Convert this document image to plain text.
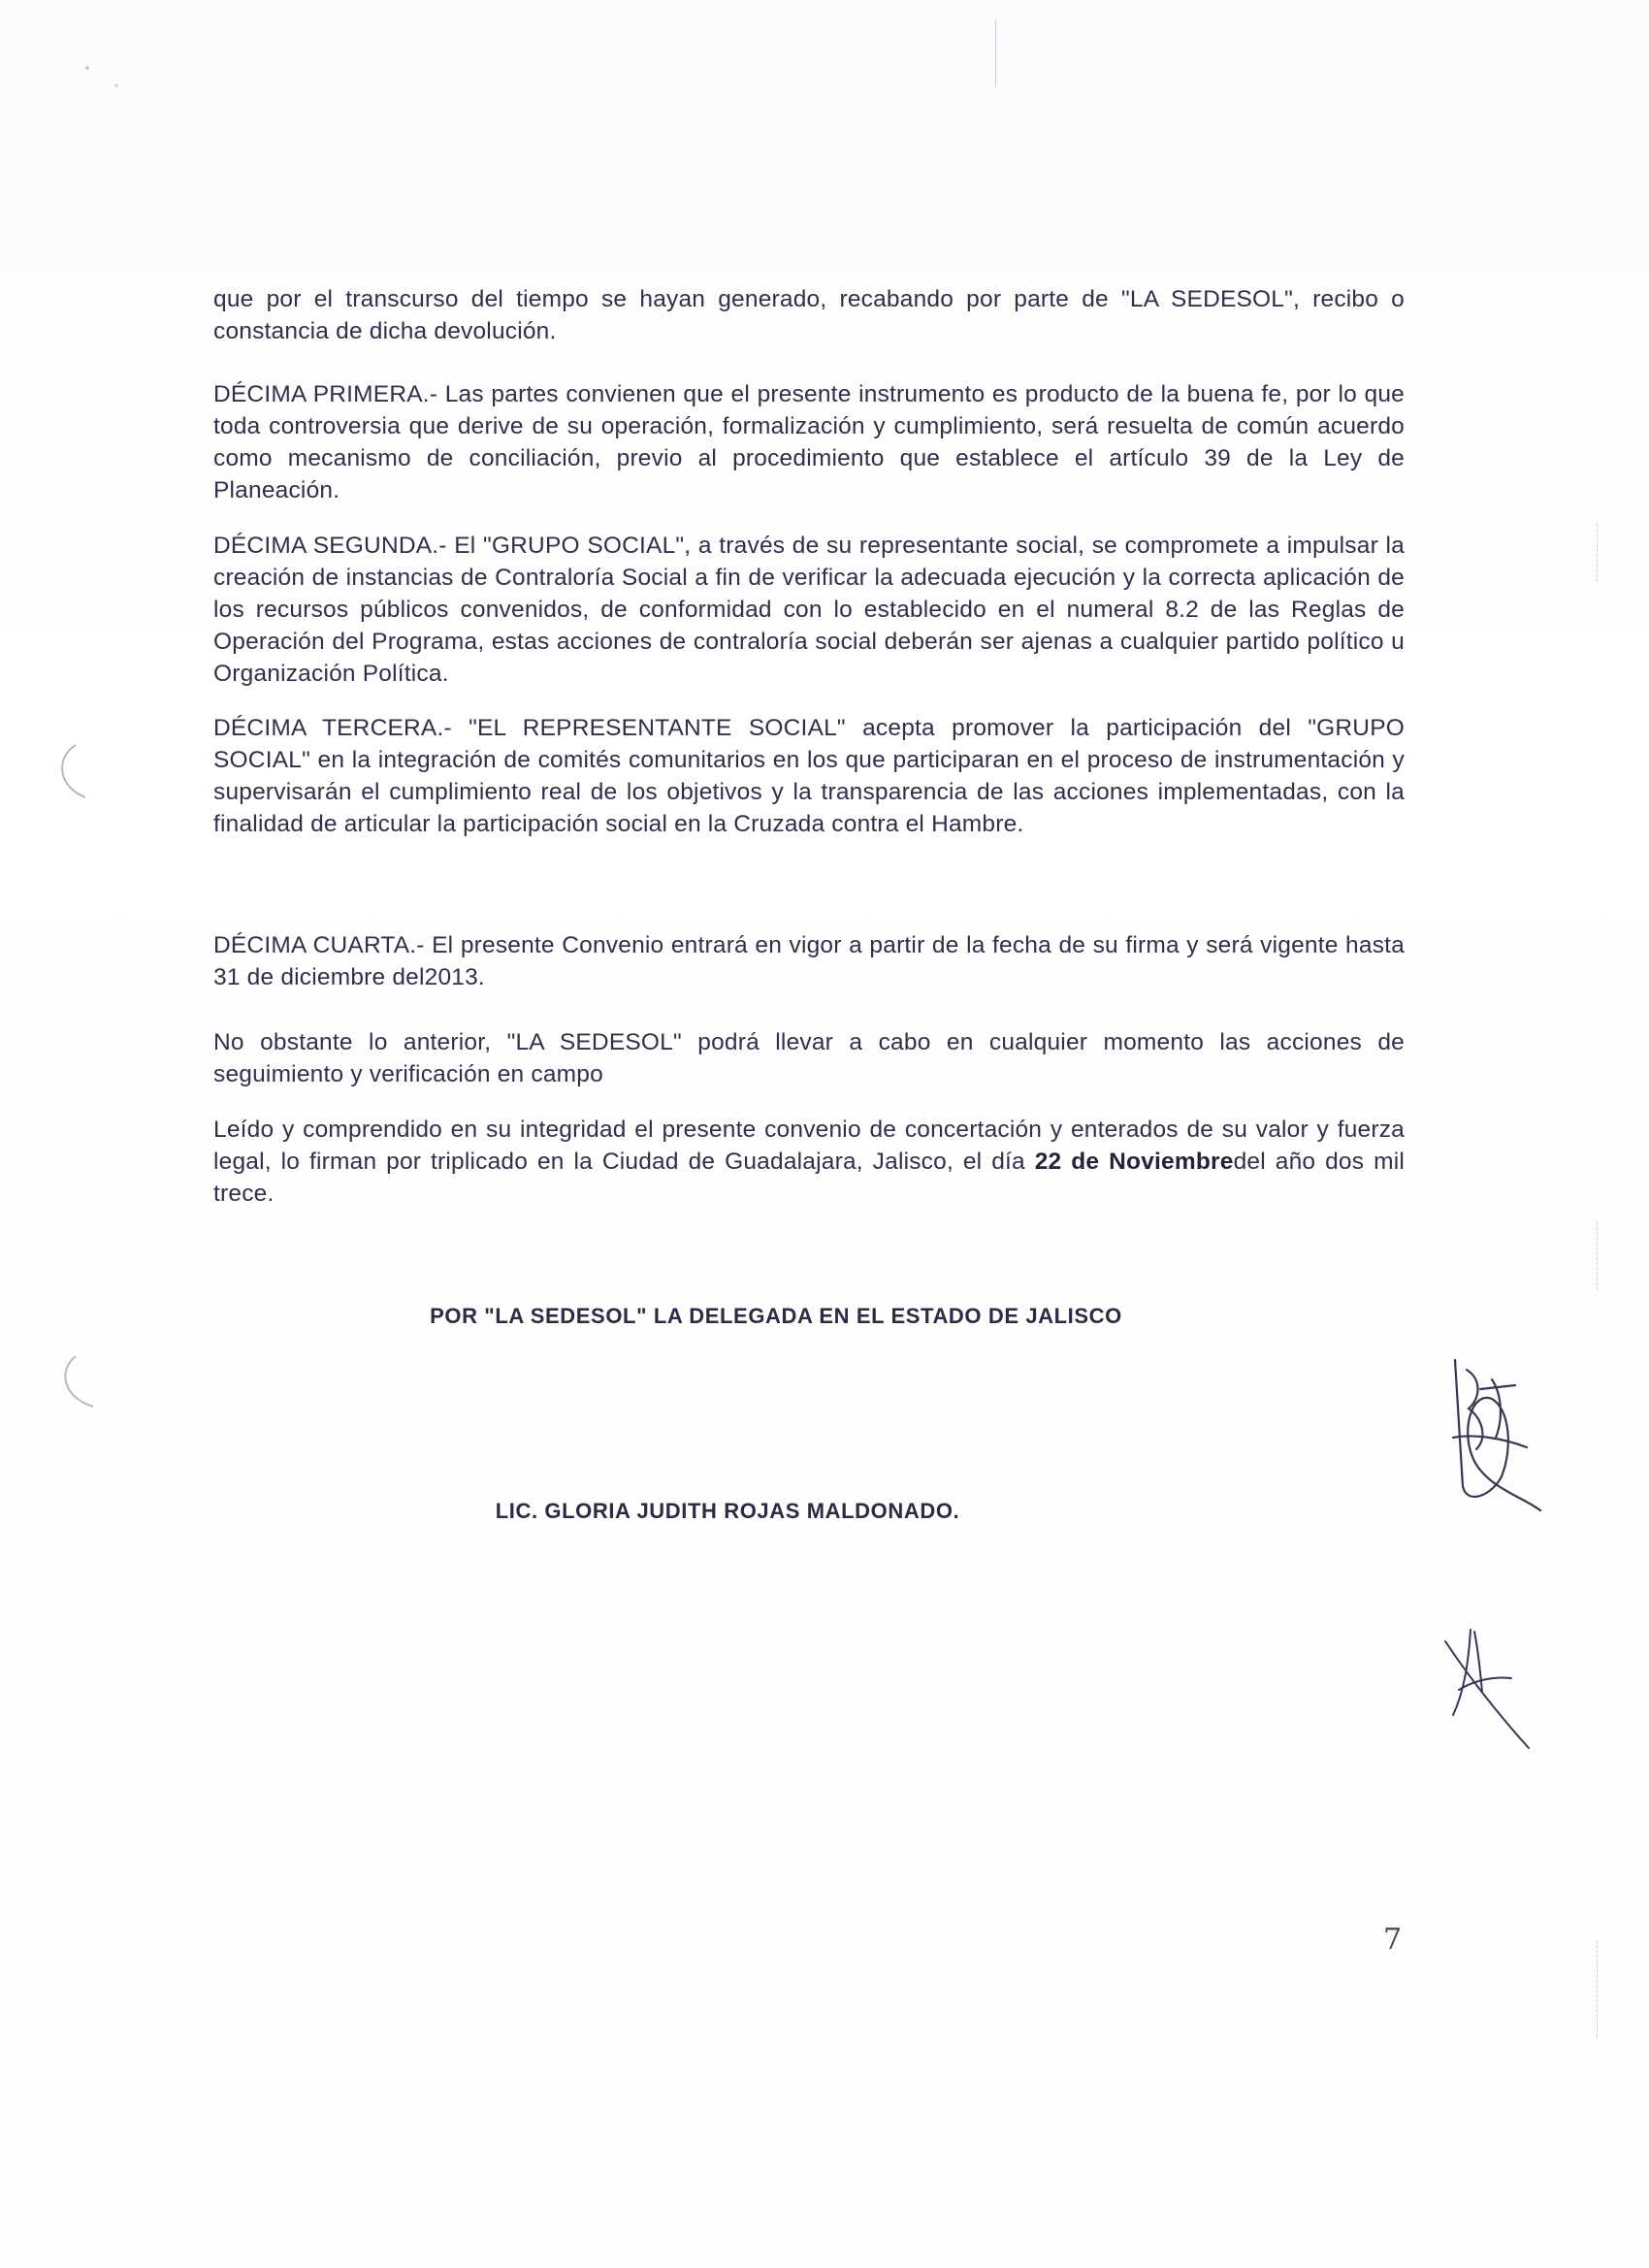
que por el transcurso del tiempo se hayan generado, recabando por parte de "LA SEDESOL", recibo o constancia de dicha devolución.

DÉCIMA PRIMERA.- Las partes convienen que el presente instrumento es producto de la buena fe, por lo que toda controversia que derive de su operación, formalización y cumplimiento, será resuelta de común acuerdo como mecanismo de conciliación, previo al procedimiento que establece el artículo 39 de la Ley de Planeación.

DÉCIMA SEGUNDA.- El "GRUPO SOCIAL", a través de su representante social, se compromete a impulsar la creación de instancias de Contraloría Social a fin de verificar la adecuada ejecución y la correcta aplicación de los recursos públicos convenidos, de conformidad con lo establecido en el numeral 8.2 de las Reglas de Operación del Programa, estas acciones de contraloría social deberán ser ajenas a cualquier partido político u Organización Política.

DÉCIMA TERCERA.- "EL REPRESENTANTE SOCIAL" acepta promover la participación del "GRUPO SOCIAL" en la integración de comités comunitarios en los que participaran en el proceso de instrumentación y supervisarán el cumplimiento real de los objetivos y la transparencia de las acciones implementadas, con la finalidad de articular la participación social en la Cruzada contra el Hambre.

DÉCIMA CUARTA.- El presente Convenio entrará en vigor a partir de la fecha de su firma y será vigente hasta 31 de diciembre del2013.

No obstante lo anterior, "LA SEDESOL" podrá llevar a cabo en cualquier momento las acciones de seguimiento y verificación en campo

Leído y comprendido en su integridad el presente convenio de concertación y enterados de su valor y fuerza legal, lo firman por triplicado en la Ciudad de Guadalajara, Jalisco, el día 22 de Noviembredel año dos mil trece.

POR "LA SEDESOL" LA DELEGADA EN EL ESTADO DE JALISCO
LIC. GLORIA JUDITH ROJAS MALDONADO.
7
